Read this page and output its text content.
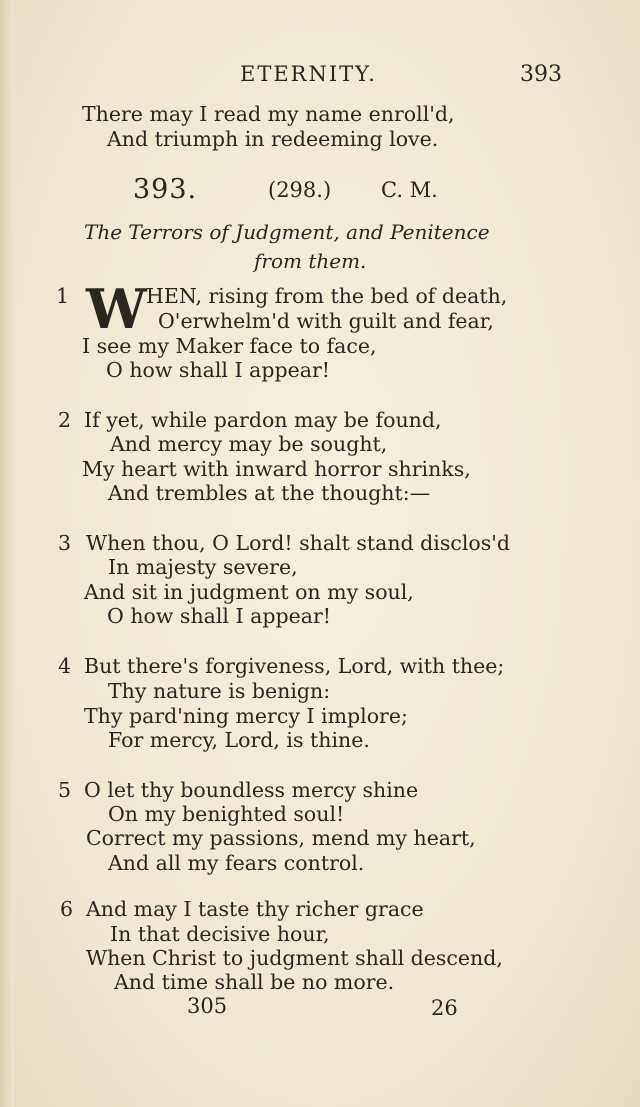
ETERNITY.	393
There may I read my name enroll'd,
And triumph in redeeming love.
393.	(298.) C. M.
The Terrors of Judgment, and Penitence
from them.
1 W HEN, rising from the bed of death,
O'erwhelm'd with guilt and fear,
I see my Maker face to face,
O how shall I appear!
2 If yet, while pardon may be found,
And mercy may be sought,
My heart with inward horror shrinks,
And trembles at the thought:—
3 When thou, O Lord! shalt stand disclos'd
In majesty severe,
And sit in judgment on my soul,
O how shall I appear!
4 But there's forgiveness, Lord, with thee;
Thy nature is benign:
Thy pard'ning mercy I implore;
For mercy, Lord, is thine.
5 O let thy boundless mercy shine
On my benighted soul!
Correct my passions, mend my heart,
And all my fears control.
6 And may I taste thy richer grace
In that decisive hour,
When Christ to judgment shall descend,
And time shall be no more.
305	26
